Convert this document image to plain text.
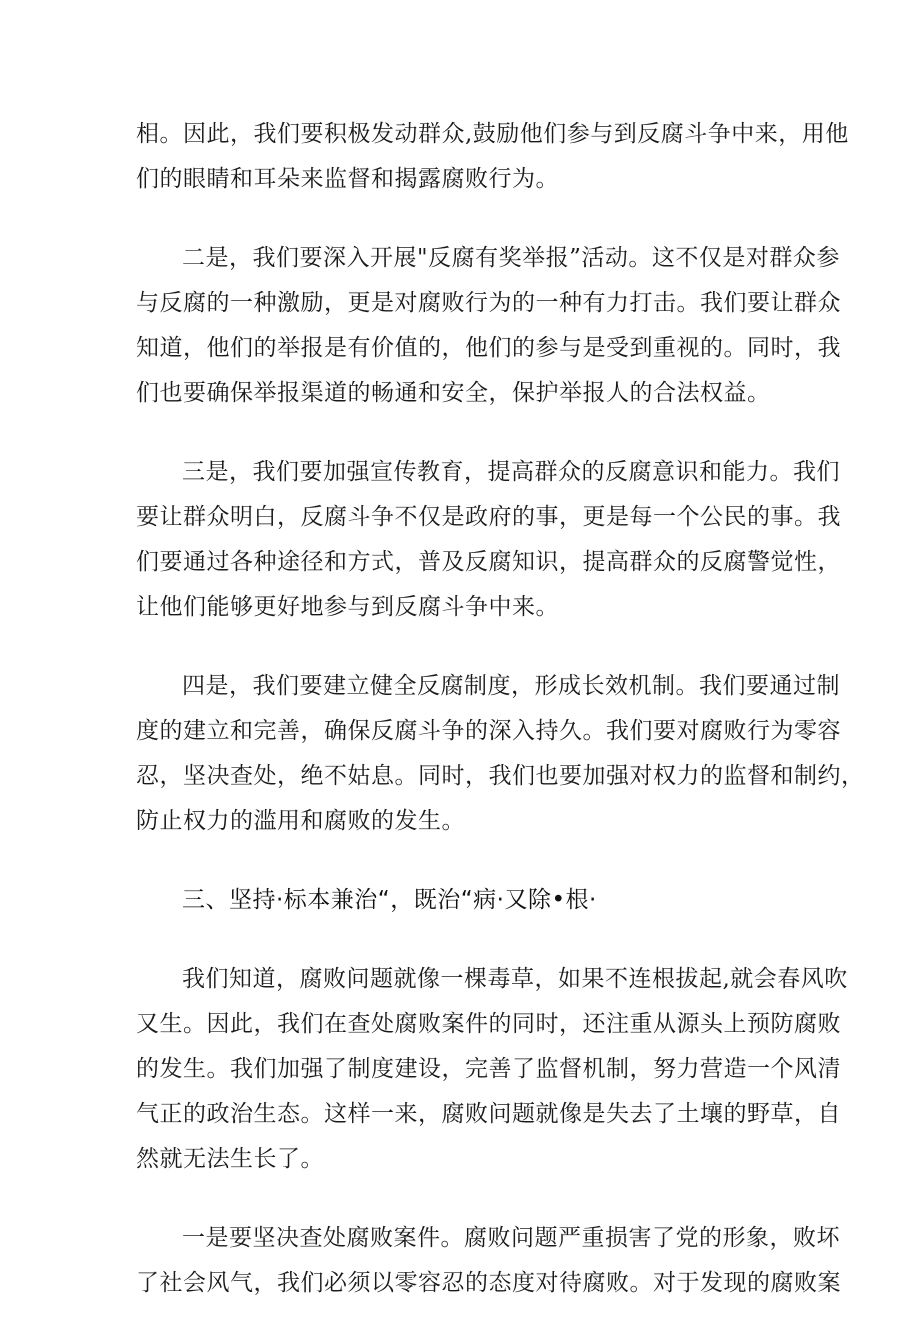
相。因此，我们要积极发动群众,鼓励他们参与到反腐斗争中来，用他
们的眼睛和耳朵来监督和揭露腐败行为。
二是，我们要深入开展"反腐有奖举报”活动。这不仅是对群众参
与反腐的一种激励，更是对腐败行为的一种有力打击。我们要让群众
知道，他们的举报是有价值的，他们的参与是受到重视的。同时，我
们也要确保举报渠道的畅通和安全，保护举报人的合法权益。
三是，我们要加强宣传教育，提高群众的反腐意识和能力。我们
要让群众明白，反腐斗争不仅是政府的事，更是每一个公民的事。我
们要通过各种途径和方式，普及反腐知识，提高群众的反腐警觉性，
让他们能够更好地参与到反腐斗争中来。
四是，我们要建立健全反腐制度，形成长效机制。我们要通过制
度的建立和完善，确保反腐斗争的深入持久。我们要对腐败行为零容
忍，坚决查处，绝不姑息。同时，我们也要加强对权力的监督和制约，
防止权力的滥用和腐败的发生。
三、坚持·标本兼治“，既治“病·又除•根·
我们知道，腐败问题就像一棵毒草，如果不连根拔起,就会春风吹
又生。因此，我们在查处腐败案件的同时，还注重从源头上预防腐败
的发生。我们加强了制度建设，完善了监督机制，努力营造一个风清
气正的政治生态。这样一来，腐败问题就像是失去了土壤的野草，自
然就无法生长了。
一是要坚决查处腐败案件。腐败问题严重损害了党的形象，败坏
了社会风气，我们必须以零容忍的态度对待腐败。对于发现的腐败案
